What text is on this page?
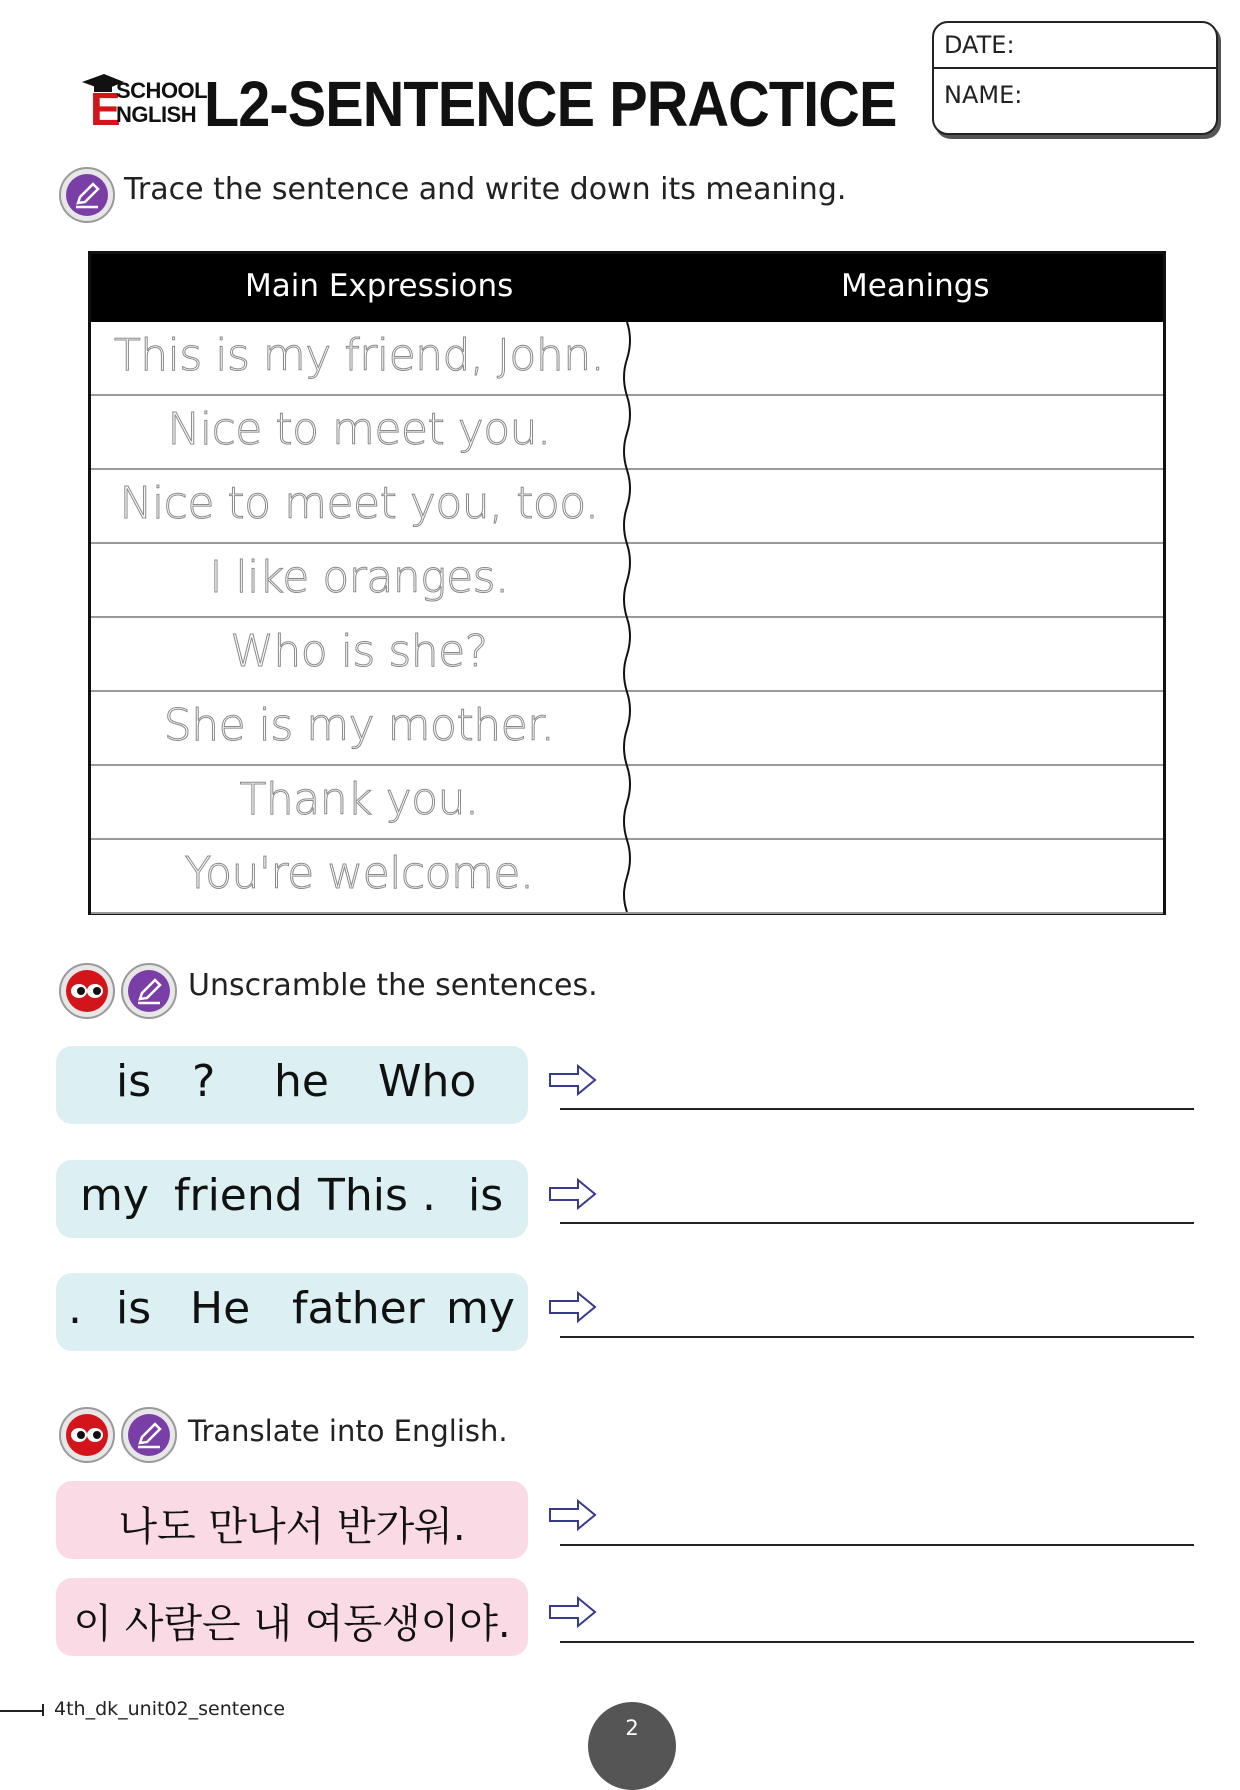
E
SCHOOL
NGLISH L2-SENTENCE PRACTICE
DATE:
NAME:
Trace the sentence and write down its meaning.
Main Expressions	Meanings
This is my friend, John.
Nice to meet you.
Nice to meet you, too.
I like oranges.
Who is she?
She is my mother.
Thank you.
You're welcome.
Unscramble the sentences.
is ? he Who
my friend This . is
. is He father my
Translate into English.
나도 만나서 반가워.
이 사람은 내 여동생이야.
4th_dk_unit02_sentence
2
